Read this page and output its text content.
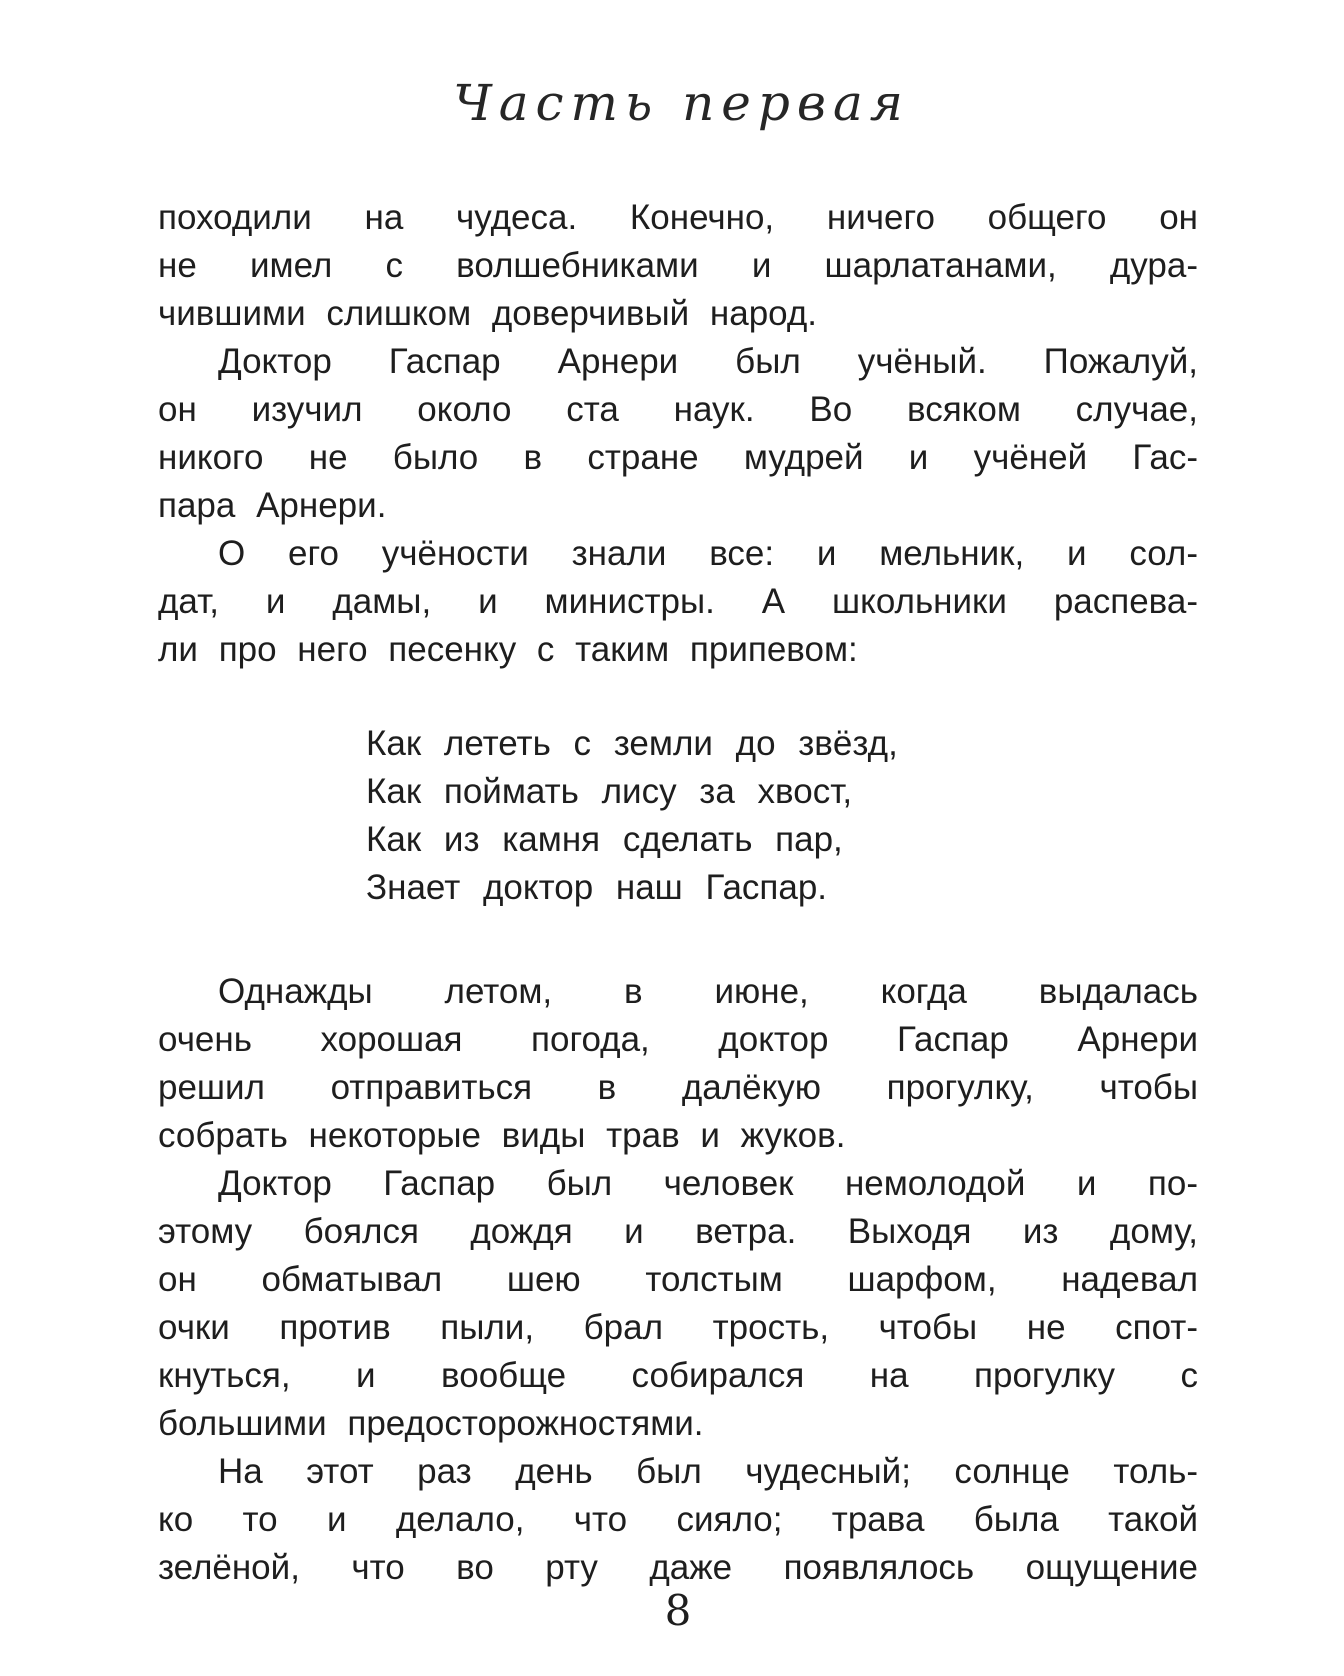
Часть первая
походили на чудеса. Конечно, ничего общего он
не имел с волшебниками и шарлатанами, дура-
чившими слишком доверчивый народ.
Доктор Гаспар Арнери был учёный. Пожалуй,
он изучил около ста наук. Во всяком случае,
никого не было в стране мудрей и учёней Гас-
пара Арнери.
О его учёности знали все: и мельник, и сол-
дат, и дамы, и министры. А школьники распева-
ли про него песенку с таким припевом:
Как лететь с земли до звёзд,
Как поймать лису за хвост,
Как из камня сделать пар,
Знает доктор наш Гаспар.
Однажды летом, в июне, когда выдалась
очень хорошая погода, доктор Гаспар Арнери
решил отправиться в далёкую прогулку, чтобы
собрать некоторые виды трав и жуков.
Доктор Гаспар был человек немолодой и по-
этому боялся дождя и ветра. Выходя из дому,
он обматывал шею толстым шарфом, надевал
очки против пыли, брал трость, чтобы не спот-
кнуться, и вообще собирался на прогулку с
большими предосторожностями.
На этот раз день был чудесный; солнце толь-
ко то и делало, что сияло; трава была такой
зелёной, что во рту даже появлялось ощущение
8
